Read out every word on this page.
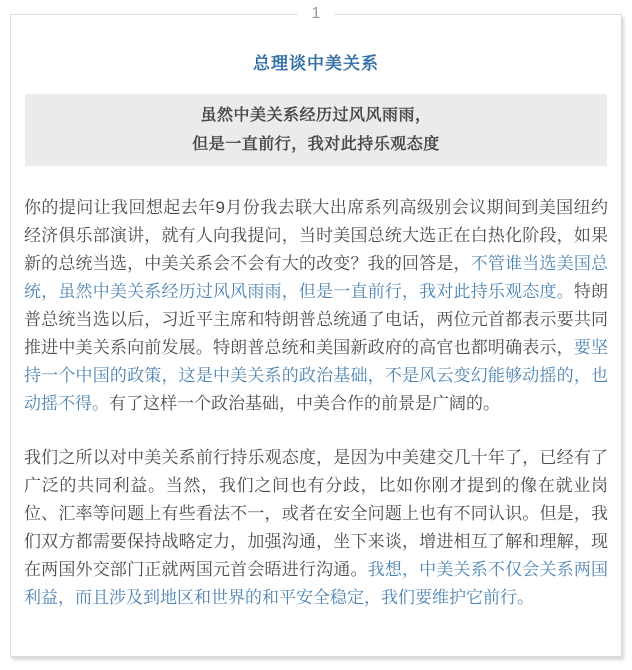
1
总理谈中美关系
虽然中美关系经历过风风雨雨，
但是一直前行，我对此持乐观态度

你的提问让我回想起去年9月份我去联大出席系列高级别会议期间到美国纽约经济俱乐部演讲，就有人向我提问，当时美国总统大选正在白热化阶段，如果新的总统当选，中美关系会不会有大的改变？我的回答是，不管谁当选美国总统，虽然中美关系经历过风风雨雨，但是一直前行，我对此持乐观态度。特朗普总统当选以后，习近平主席和特朗普总统通了电话，两位元首都表示要共同推进中美关系向前发展。特朗普总统和美国新政府的高官也都明确表示，要坚持一个中国的政策，这是中美关系的政治基础，不是风云变幻能够动摇的，也动摇不得。有了这样一个政治基础，中美合作的前景是广阔的。

我们之所以对中美关系前行持乐观态度，是因为中美建交几十年了，已经有了广泛的共同利益。当然，我们之间也有分歧，比如你刚才提到的像在就业岗位、汇率等问题上有些看法不一，或者在安全问题上也有不同认识。但是，我们双方都需要保持战略定力，加强沟通，坐下来谈，增进相互了解和理解，现在两国外交部门正就两国元首会晤进行沟通。我想，中美关系不仅会关系两国利益，而且涉及到地区和世界的和平安全稳定，我们要维护它前行。
